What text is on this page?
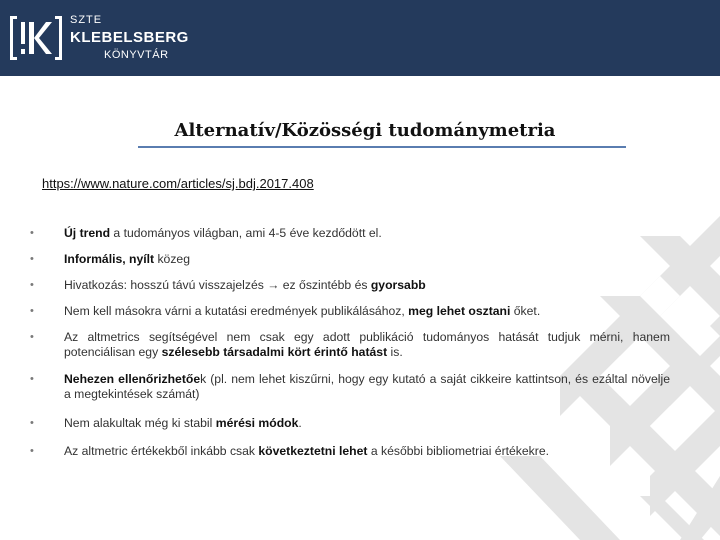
SZTE
KLEBELSBERG
KÖNYVTÁR
Alternatív/Közösségi tudománymetria
https://www.nature.com/articles/sj.bdj.2017.408
• Új trend a tudományos világban, ami 4-5 éve kezdődött el.
• Informális, nyílt közeg
• Hivatkozás: hosszú távú visszajelzés → ez őszintébb és gyorsabb
• Nem kell másokra várni a kutatási eredmények publikálásához, meg lehet osztani őket.
• Az altmetrics segítségével nem csak egy adott publikáció tudományos hatását tudjuk mérni, hanem potenciálisan egy szélesebb társadalmi kört érintő hatást is.
• Nehezen ellenőrizhetőek (pl. nem lehet kiszűrni, hogy egy kutató a saját cikkeire kattintson, és ezáltal növelje a megtekintések számát)
• Nem alakultak még ki stabil mérési módok.
• Az altmetric értékekből inkább csak következtetni lehet a későbbi bibliometriai értékekre.
